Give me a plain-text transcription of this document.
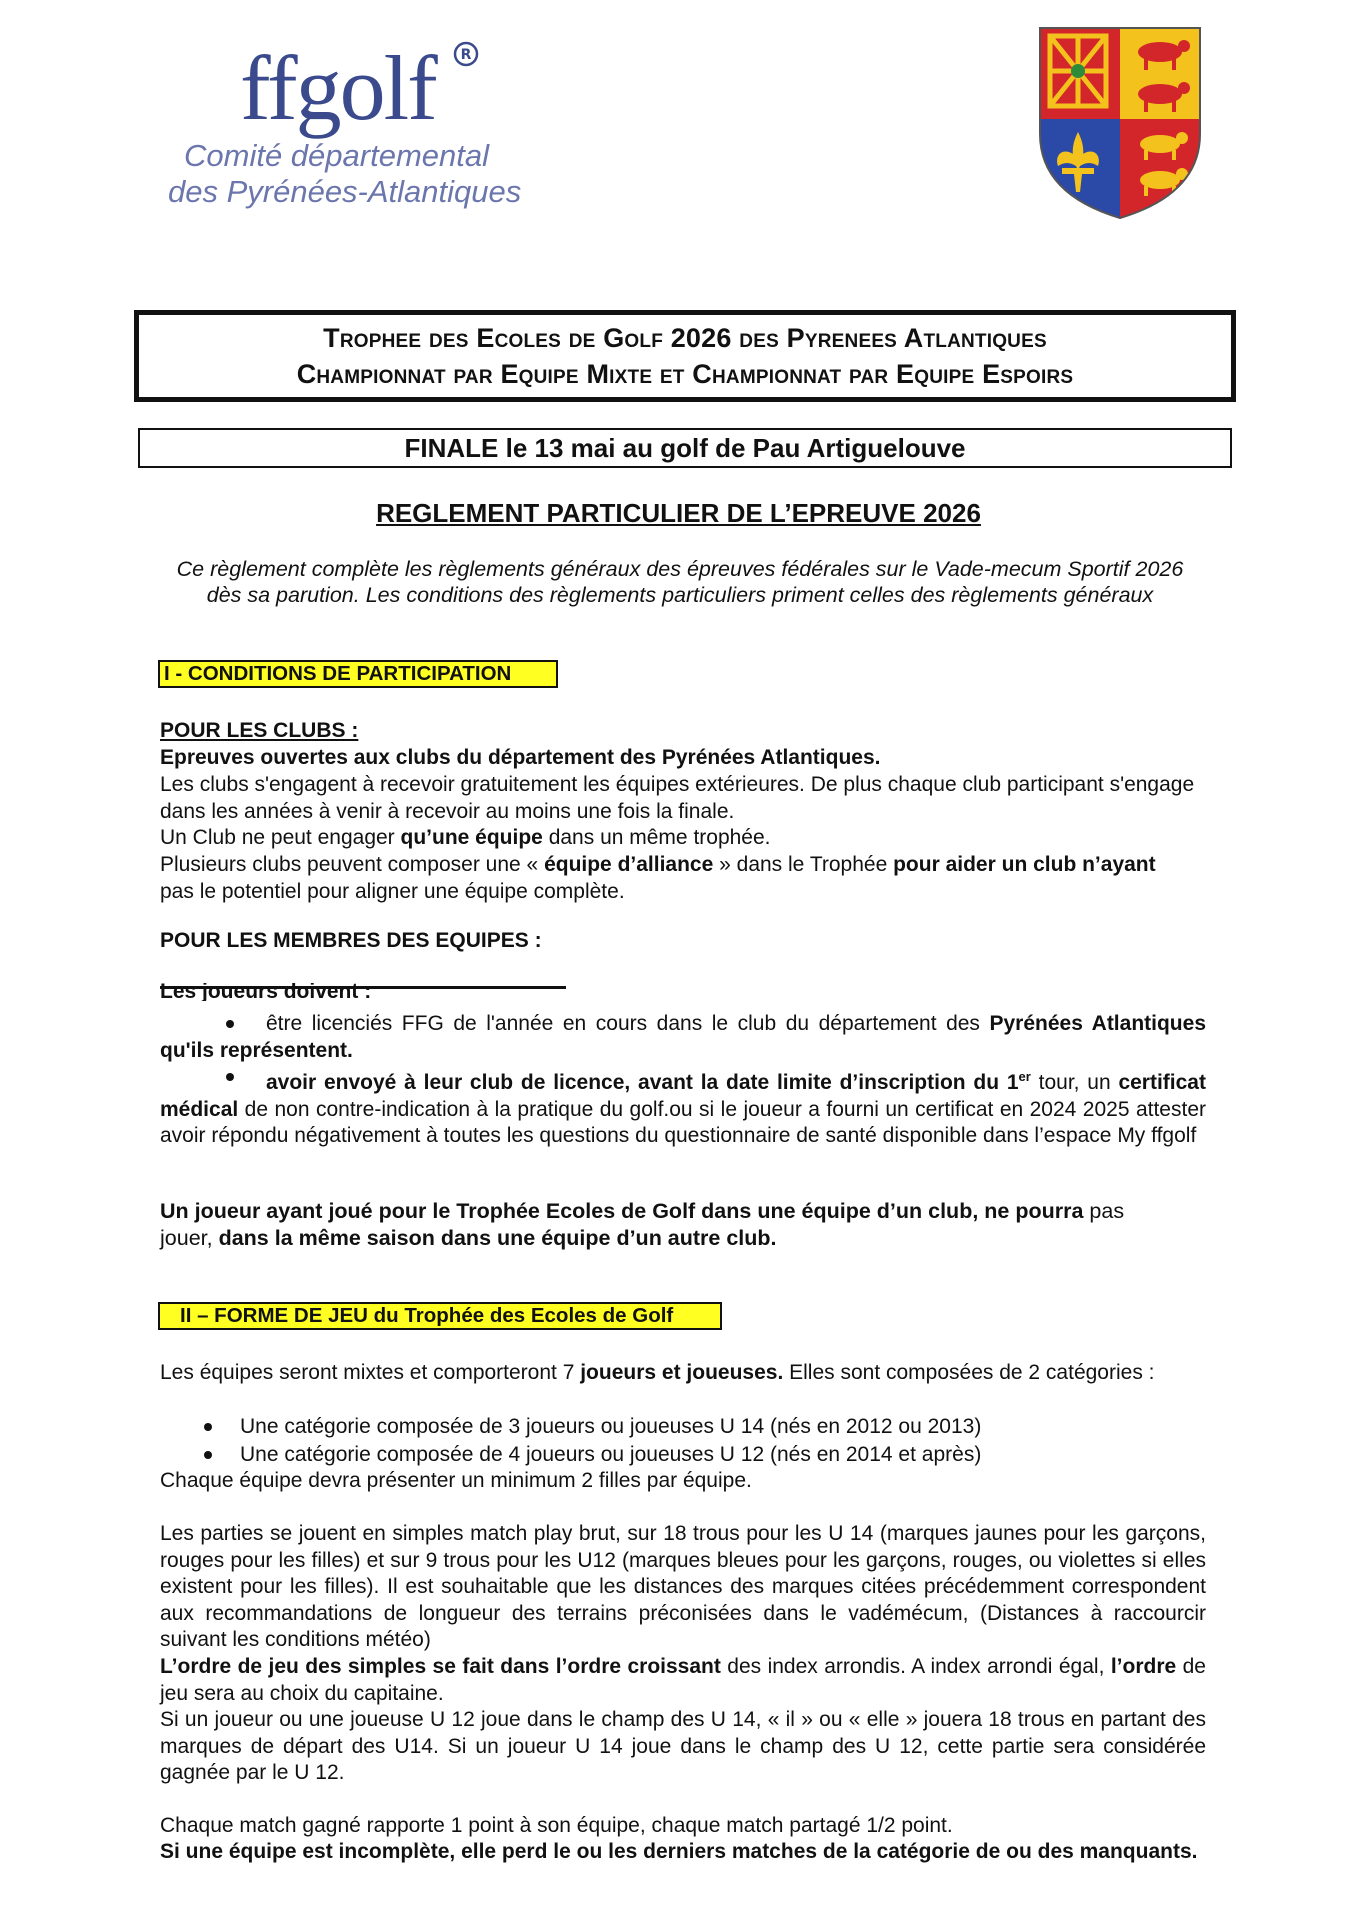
ffgolf R
Comité départemental
des Pyrénées-Atlantiques
Trophee des Ecoles de Golf 2026 des Pyrenees Atlantiques
Championnat par Equipe Mixte et Championnat par Equipe Espoirs
FINALE le 13 mai au golf de Pau Artiguelouve
REGLEMENT PARTICULIER DE L’EPREUVE 2026
Ce règlement complète les règlements généraux des épreuves fédérales sur le Vade-mecum Sportif 2026
dès sa parution. Les conditions des règlements particuliers priment celles des règlements généraux
I - CONDITIONS DE PARTICIPATION
POUR LES CLUBS :
Epreuves ouvertes aux clubs du département des Pyrénées Atlantiques.
Les clubs s'engagent à recevoir gratuitement les équipes extérieures. De plus chaque club participant s'engage dans les années à venir à recevoir au moins une fois la finale.
Un Club ne peut engager qu’une équipe dans un même trophée.
Plusieurs clubs peuvent composer une « équipe d’alliance » dans le Trophée pour aider un club n’ayant
pas le potentiel pour aligner une équipe complète.
POUR LES MEMBRES DES EQUIPES :
Les joueurs doivent :
être licenciés FFG de l'année en cours dans le club du département des Pyrénées Atlantiques qu'ils représentent.
avoir envoyé à leur club de licence, avant la date limite d’inscription du 1er tour, un certificat médical de non contre-indication à la pratique du golf.ou si le joueur a fourni un certificat en 2024 2025 attester avoir répondu négativement à toutes les questions du questionnaire de santé disponible dans l’espace My ffgolf
Un joueur ayant joué pour le Trophée Ecoles de Golf dans une équipe d’un club, ne pourra pas
jouer, dans la même saison dans une équipe d’un autre club.
II – FORME DE JEU du Trophée des Ecoles de Golf
Les équipes seront mixtes et comporteront 7 joueurs et joueuses. Elles sont composées de 2 catégories :
Une catégorie composée de 3 joueurs ou joueuses U 14 (nés en 2012 ou 2013)
Une catégorie composée de 4 joueurs ou joueuses U 12 (nés en 2014 et après)
Chaque équipe devra présenter un minimum 2 filles par équipe.
Les parties se jouent en simples match play brut, sur 18 trous pour les U 14 (marques jaunes pour les garçons, rouges pour les filles) et sur 9 trous pour les U12 (marques bleues pour les garçons, rouges, ou violettes si elles existent pour les filles). Il est souhaitable que les distances des marques citées précédemment correspondent aux recommandations de longueur des terrains préconisées dans le vadémécum, (Distances à raccourcir suivant les conditions météo)
L’ordre de jeu des simples se fait dans l’ordre croissant des index arrondis. A index arrondi égal, l’ordre de jeu sera au choix du capitaine.
Si un joueur ou une joueuse U 12 joue dans le champ des U 14, « il » ou « elle » jouera 18 trous en partant des marques de départ des U14. Si un joueur U 14 joue dans le champ des U 12, cette partie sera considérée gagnée par le U 12.
Chaque match gagné rapporte 1 point à son équipe, chaque match partagé 1/2 point.
Si une équipe est incomplète, elle perd le ou les derniers matches de la catégorie de ou des manquants.
